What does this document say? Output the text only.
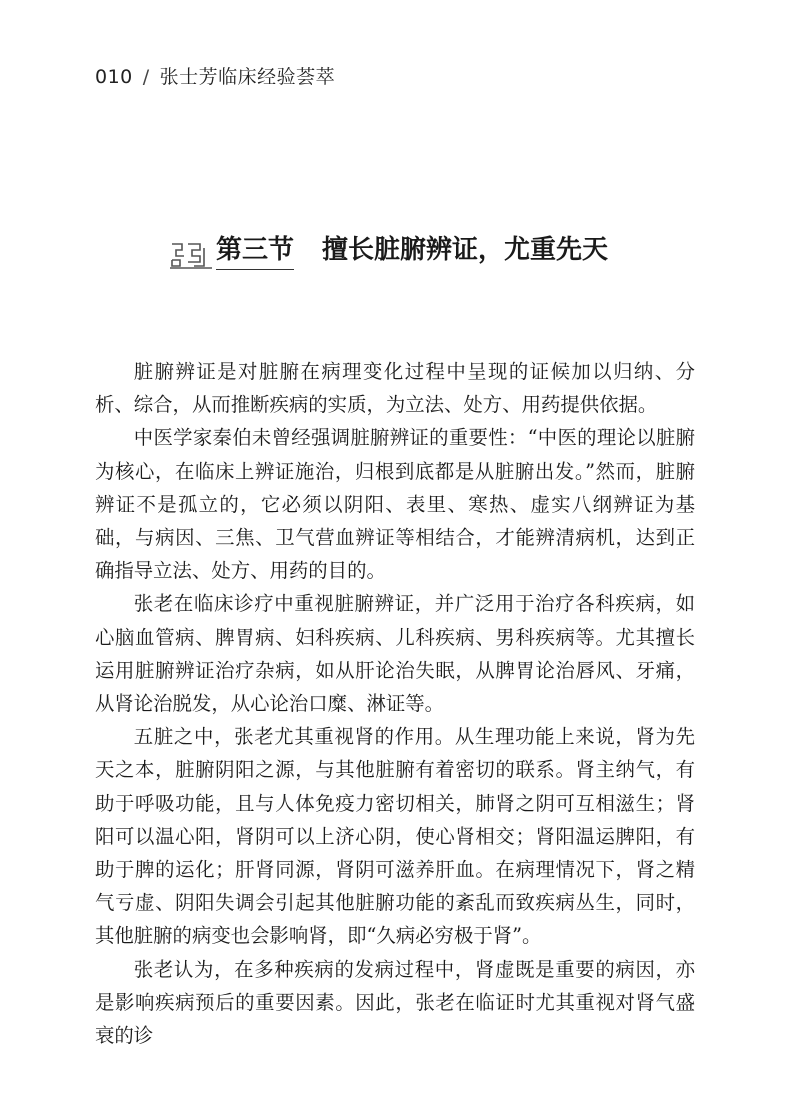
010 / 张士芳临床经验荟萃
第三节 擅长脏腑辨证，尤重先天

脏腑辨证是对脏腑在病理变化过程中呈现的证候加以归纳、分析、综合，从而推断疾病的实质，为立法、处方、用药提供依据。

中医学家秦伯未曾经强调脏腑辨证的重要性：“中医的理论以脏腑为核心，在临床上辨证施治，归根到底都是从脏腑出发。”然而，脏腑辨证不是孤立的，它必须以阴阳、表里、寒热、虚实八纲辨证为基础，与病因、三焦、卫气营血辨证等相结合，才能辨清病机，达到正确指导立法、处方、用药的目的。

张老在临床诊疗中重视脏腑辨证，并广泛用于治疗各科疾病，如心脑血管病、脾胃病、妇科疾病、儿科疾病、男科疾病等。尤其擅长运用脏腑辨证治疗杂病，如从肝论治失眠，从脾胃论治唇风、牙痛，从肾论治脱发，从心论治口糜、淋证等。

五脏之中，张老尤其重视肾的作用。从生理功能上来说，肾为先天之本，脏腑阴阳之源，与其他脏腑有着密切的联系。肾主纳气，有助于呼吸功能，且与人体免疫力密切相关，肺肾之阴可互相滋生；肾阳可以温心阳，肾阴可以上济心阴，使心肾相交；肾阳温运脾阳，有助于脾的运化；肝肾同源，肾阴可滋养肝血。在病理情况下，肾之精气亏虚、阴阳失调会引起其他脏腑功能的紊乱而致疾病丛生，同时，其他脏腑的病变也会影响肾，即“久病必穷极于肾”。

张老认为，在多种疾病的发病过程中，肾虚既是重要的病因，亦是影响疾病预后的重要因素。因此，张老在临证时尤其重视对肾气盛衰的诊
